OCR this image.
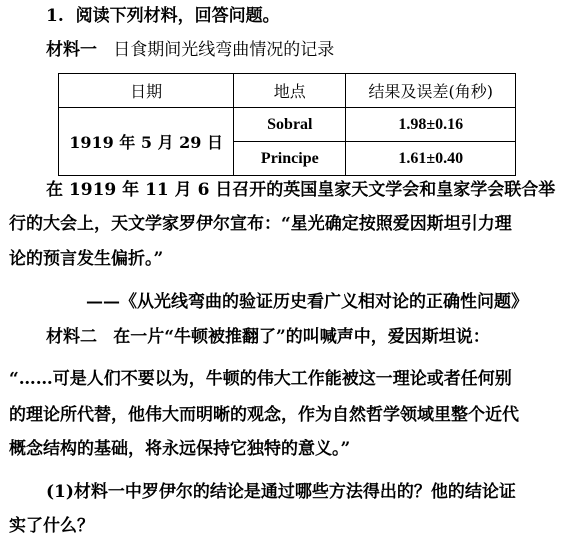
1. 阅读下列材料，回答问题。
材料一 日食期间光线弯曲情况的记录
日期	地点	结果及误差(角秒)
1919 年 5 月 29 日	Sobral	1.98±0.16
	Principe	1.61±0.40
在 1919 年 11 月 6 日召开的英国皇家天文学会和皇家学会联合举
行的大会上，天文学家罗伊尔宣布：“星光确定按照爱因斯坦引力理
论的预言发生偏折。”
——《从光线弯曲的验证历史看广义相对论的正确性问题》
材料二 在一片“牛顿被推翻了”的叫喊声中，爱因斯坦说：
“……可是人们不要以为，牛顿的伟大工作能被这一理论或者任何别
的理论所代替，他伟大而明晰的观念，作为自然哲学领域里整个近代
概念结构的基础，将永远保持它独特的意义。”
(1)材料一中罗伊尔的结论是通过哪些方法得出的？他的结论证
实了什么？
